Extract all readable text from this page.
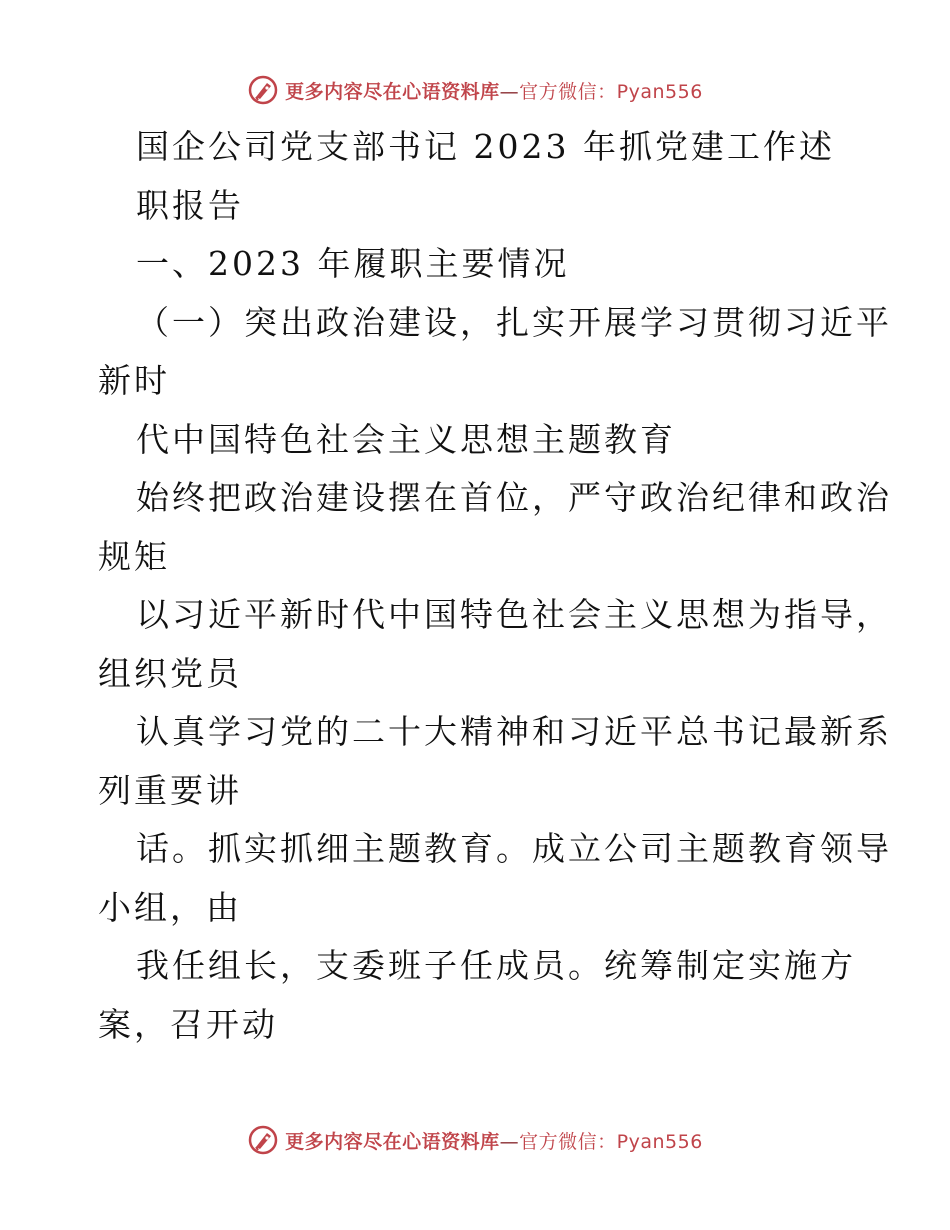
更多内容尽在心语资料库—官方微信：Pyan556
国企公司党支部书记 2023 年抓党建工作述
职报告
一、2023 年履职主要情况
（一）突出政治建设，扎实开展学习贯彻习近平
新时
代中国特色社会主义思想主题教育
始终把政治建设摆在首位，严守政治纪律和政治
规矩
以习近平新时代中国特色社会主义思想为指导，
组织党员
认真学习党的二十大精神和习近平总书记最新系
列重要讲
话。抓实抓细主题教育。成立公司主题教育领导
小组，由
我任组长，支委班子任成员。统筹制定实施方
案，召开动
更多内容尽在心语资料库—官方微信：Pyan556
